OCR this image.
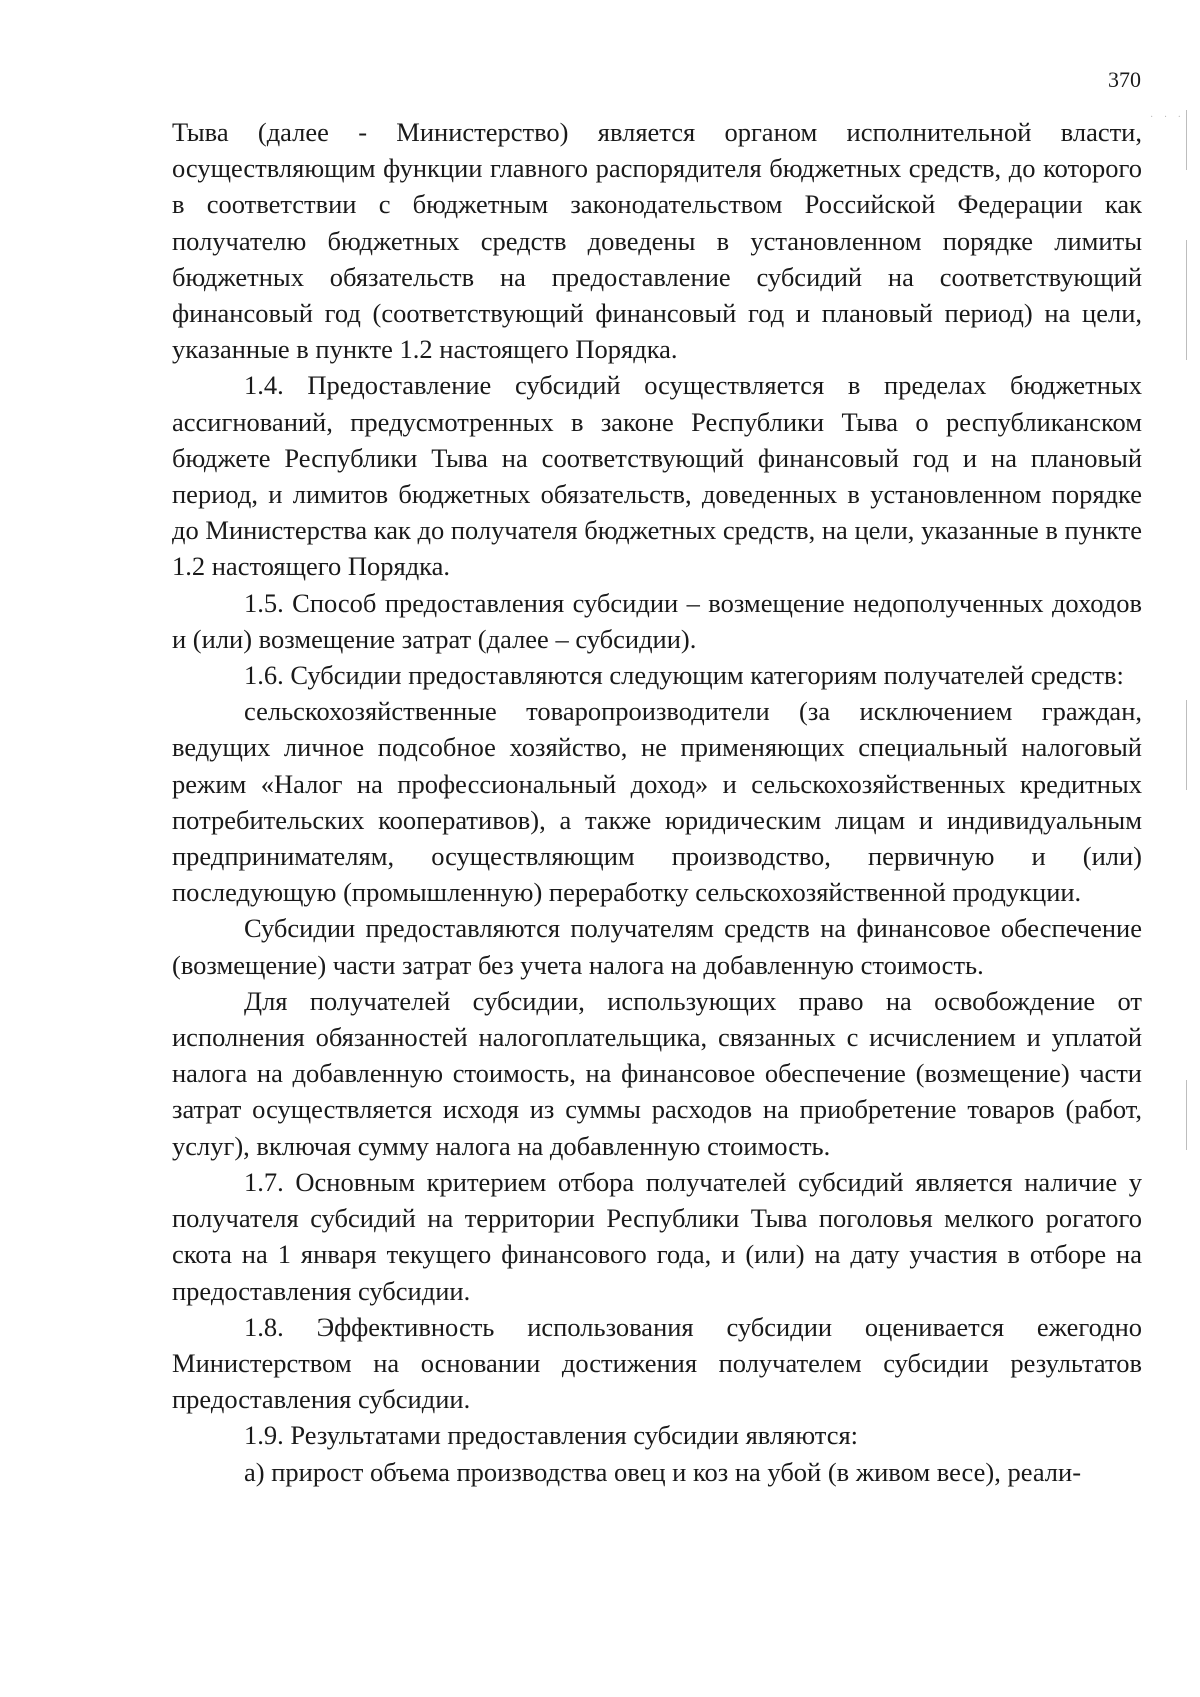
370
· · ·

Тыва (далее - Министерство) является органом исполнительной власти, осуществляющим функции главного распорядителя бюджетных средств, до которого в соответствии с бюджетным законодательством Российской Федерации как получателю бюджетных средств доведены в установленном порядке лимиты бюджетных обязательств на предоставление субсидий на соответствующий финансовый год (соответствующий финансовый год и плановый период) на цели, указанные в пункте 1.2 настоящего Порядка.

1.4. Предоставление субсидий осуществляется в пределах бюджетных ассигнований, предусмотренных в законе Республики Тыва о республиканском бюджете Республики Тыва на соответствующий финансовый год и на плановый период, и лимитов бюджетных обязательств, доведенных в установленном порядке до Министерства как до получателя бюджетных средств, на цели, указанные в пункте 1.2 настоящего Порядка.

1.5. Способ предоставления субсидии – возмещение недополученных доходов и (или) возмещение затрат (далее – субсидии).

1.6. Субсидии предоставляются следующим категориям получателей средств:

сельскохозяйственные товаропроизводители (за исключением граждан, ведущих личное подсобное хозяйство, не применяющих специальный налоговый режим «Налог на профессиональный доход» и сельскохозяйственных кредитных потребительских кооперативов), а также юридическим лицам и индивидуальным предпринимателям, осуществляющим производство, первичную и (или) последующую (промышленную) переработку сельскохозяйственной продукции.

Субсидии предоставляются получателям средств на финансовое обеспечение (возмещение) части затрат без учета налога на добавленную стоимость.

Для получателей субсидии, использующих право на освобождение от исполнения обязанностей налогоплательщика, связанных с исчислением и уплатой налога на добавленную стоимость, на финансовое обеспечение (возмещение) части затрат осуществляется исходя из суммы расходов на приобретение товаров (работ, услуг), включая сумму налога на добавленную стоимость.

1.7. Основным критерием отбора получателей субсидий является наличие у получателя субсидий на территории Республики Тыва поголовья мелкого рогатого скота на 1 января текущего финансового года, и (или) на дату участия в отборе на предоставления субсидии.

1.8. Эффективность использования субсидии оценивается ежегодно Министерством на основании достижения получателем субсидии результатов предоставления субсидии.

1.9. Результатами предоставления субсидии являются:

а) прирост объема производства овец и коз на убой (в живом весе), реали-
